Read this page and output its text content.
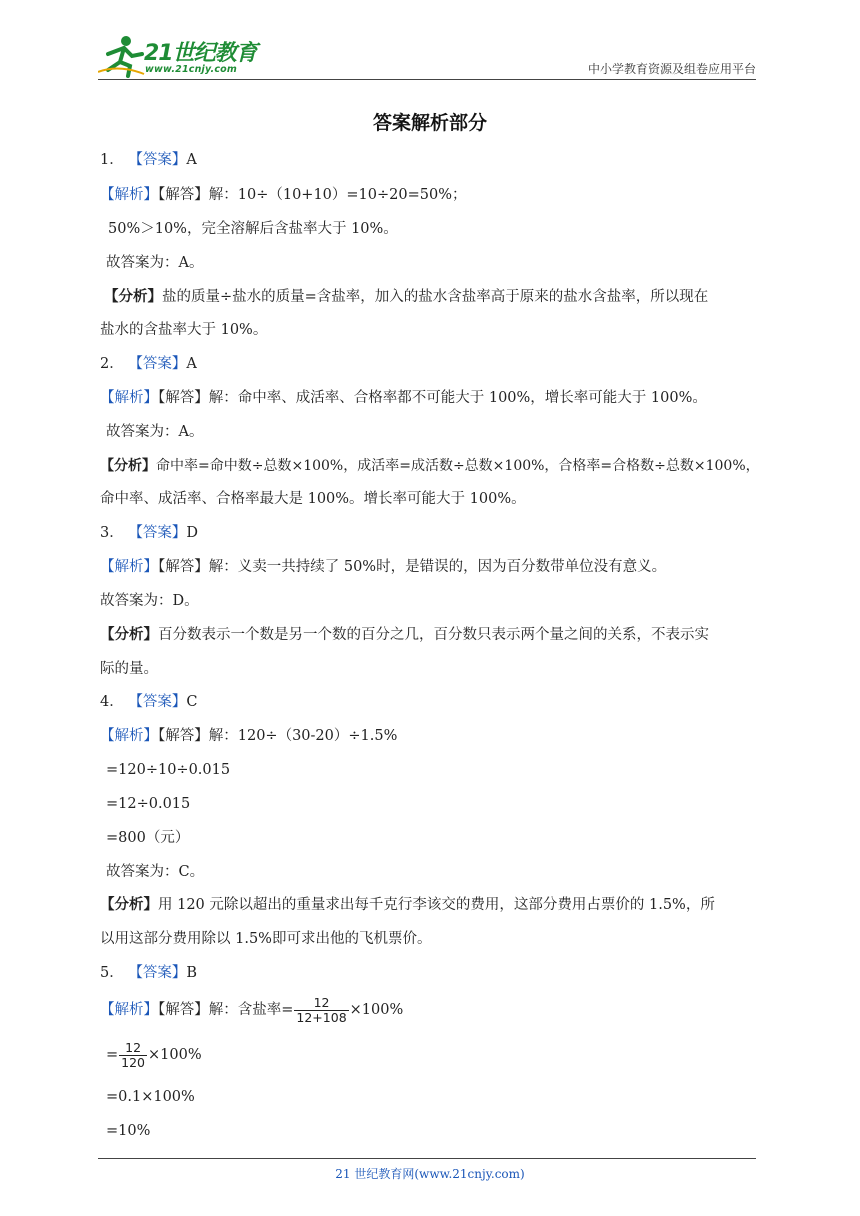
21世纪教育
www.21cnjy.com	中小学教育资源及组卷应用平台
答案解析部分
1． 【答案】A
【解析】【解答】解：10÷（10+10）=10÷20=50%；
50%＞10%，完全溶解后含盐率大于 10%。
故答案为：A。
【分析】盐的质量÷盐水的质量=含盐率，加入的盐水含盐率高于原来的盐水含盐率，所以现在
盐水的含盐率大于 10%。
2． 【答案】A
【解析】【解答】解：命中率、成活率、合格率都不可能大于 100%，增长率可能大于 100%。
故答案为：A。
【分析】命中率=命中数÷总数×100%，成活率=成活数÷总数×100%，合格率=合格数÷总数×100%，
命中率、成活率、合格率最大是 100%。增长率可能大于 100%。
3． 【答案】D
【解析】【解答】解：义卖一共持续了 50%时，是错误的，因为百分数带单位没有意义。
故答案为：D。
【分析】百分数表示一个数是另一个数的百分之几，百分数只表示两个量之间的关系，不表示实
际的量。
4． 【答案】C
【解析】【解答】解：120÷（30-20）÷1.5%
=120÷10÷0.015
=12÷0.015
=800（元）
故答案为：C。
【分析】用 120 元除以超出的重量求出每千克行李该交的费用，这部分费用占票价的 1.5%，所
以用这部分费用除以 1.5%即可求出他的飞机票价。
5． 【答案】B
【解析】【解答】解：含盐率= $\frac{12}{12+108} \times 100\%$
= $\frac{12}{120} \times 100\%$
=0.1×100%
=10%
21 世纪教育网(www.21cnjy.com)
